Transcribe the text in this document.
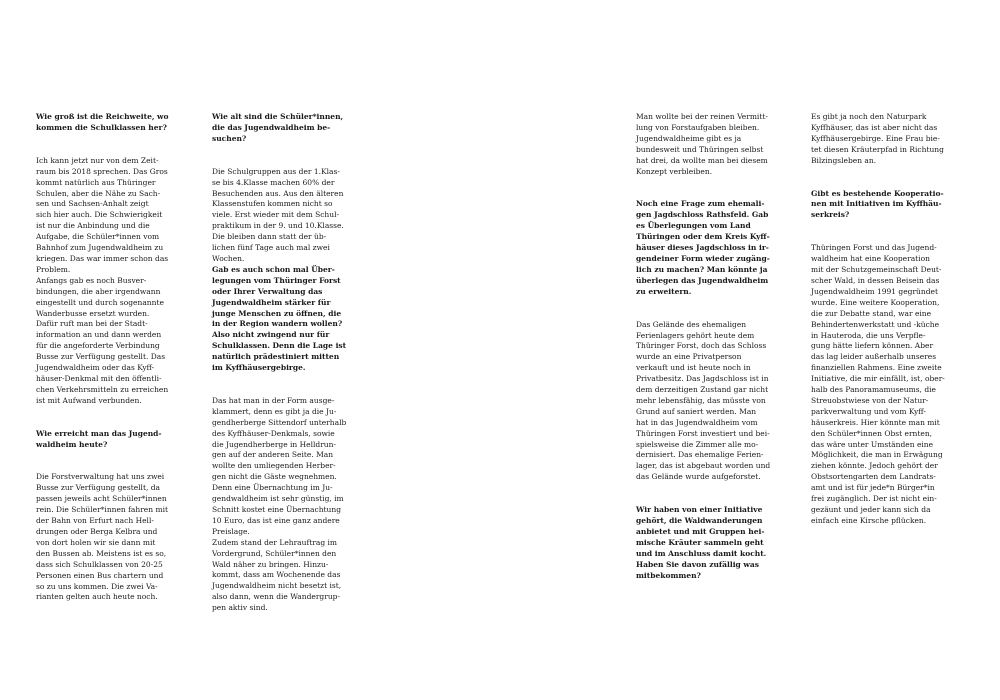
Wie groß ist die Reichweite, wo
kommen die Schulklassen her?

Ich kann jetzt nur von dem Zeit-
raum bis 2018 sprechen. Das Gros
kommt natürlich aus Thüringer
Schulen, aber die Nähe zu Sach-
sen und Sachsen-Anhalt zeigt
sich hier auch. Die Schwierigkeit
ist nur die Anbindung und die
Aufgabe, die Schüler*innen vom
Bahnhof zum Jugendwaldheim zu
kriegen. Das war immer schon das
Problem.
Anfangs gab es noch Busver-
bindungen, die aber irgendwann
eingestellt und durch sogenannte
Wanderbusse ersetzt wurden.
Dafür ruft man bei der Stadt-
information an und dann werden
für die angeforderte Verbindung
Busse zur Verfügung gestellt. Das
Jugendwaldheim oder das Kyff-
häuser-Denkmal mit den öffentli-
chen Verkehrsmitteln zu erreichen
ist mit Aufwand verbunden.

Wie erreicht man das Jugend-
waldheim heute?

Die Forstverwaltung hat uns zwei
Busse zur Verfügung gestellt, da
passen jeweils acht Schüler*innen
rein. Die Schüler*innen fahren mit
der Bahn von Erfurt nach Hell-
drungen oder Berga Kelbra und
von dort holen wir sie dann mit
den Bussen ab. Meistens ist es so,
dass sich Schulklassen von 20-25
Personen einen Bus chartern und
so zu uns kommen. Die zwei Va-
rianten gelten auch heute noch.

Wie alt sind die Schüler*innen,
die das Jugendwaldheim be-
suchen?

Die Schulgruppen aus der 1.Klas-
se bis 4.Klasse machen 60% der
Besuchenden aus. Aus den älteren
Klassenstufen kommen nicht so
viele. Erst wieder mit dem Schul-
praktikum in der 9. und 10.Klasse.
Die bleiben dann statt der üb-
lichen fünf Tage auch mal zwei
Wochen.

Gab es auch schon mal Über-
legungen vom Thüringer Forst
oder Ihrer Verwaltung das
Jugendwaldheim stärker für
junge Menschen zu öffnen, die
in der Region wandern wollen?
Also nicht zwingend nur für
Schulklassen. Denn die Lage ist
natürlich prädestiniert mitten
im Kyffhäusergebirge.

Das hat man in der Form ausge-
klammert, denn es gibt ja die Ju-
gendherberge Sittendorf unterhalb
des Kyffhäuser-Denkmals, sowie
die Jugendherberge in Helldrun-
gen auf der anderen Seite. Man
wollte den umliegenden Herber-
gen nicht die Gäste wegnehmen.
Denn eine Übernachtung im Ju-
gendwaldheim ist sehr günstig, im
Schnitt kostet eine Übernachtung
10 Euro, das ist eine ganz andere
Preislage.
Zudem stand der Lehrauftrag im
Vordergrund, Schüler*innen den
Wald näher zu bringen. Hinzu-
kommt, dass am Wochenende das
Jugendwaldheim nicht besetzt ist,
also dann, wenn die Wandergrup-
pen aktiv sind.

Man wollte bei der reinen Vermitt-
lung von Forstaufgaben bleiben.
Jugendwaldheime gibt es ja
bundesweit und Thüringen selbst
hat drei, da wollte man bei diesem
Konzept verbleiben.

Noch eine Frage zum ehemali-
gen Jagdschloss Rathsfeld. Gab
es Überlegungen vom Land
Thüringen oder dem Kreis Kyff-
häuser dieses Jagdschloss in ir-
gendeiner Form wieder zugäng-
lich zu machen? Man könnte ja
überlegen das Jugendwaldheim
zu erweitern.

Das Gelände des ehemaligen
Ferienlagers gehört heute dem
Thüringer Forst, doch das Schloss
wurde an eine Privatperson
verkauft und ist heute noch in
Privatbesitz. Das Jagdschloss ist in
dem derzeitigen Zustand gar nicht
mehr lebensfähig, das müsste von
Grund auf saniert werden. Man
hat in das Jugendwaldheim vom
Thüringen Forst investiert und bei-
spielsweise die Zimmer alle mo-
dernisiert. Das ehemalige Ferien-
lager, das ist abgebaut worden und
das Gelände wurde aufgeforstet.

Wir haben von einer Initiative
gehört, die Waldwanderungen
anbietet und mit Gruppen hei-
mische Kräuter sammeln geht
und im Anschluss damit kocht.
Haben Sie davon zufällig was
mitbekommen?

Es gibt ja noch den Naturpark
Kyffhäuser, das ist aber nicht das
Kyffhäusergebirge. Eine Frau bie-
tet diesen Kräuterpfad in Richtung
Bilzingsleben an.

Gibt es bestehende Kooperatio-
nen mit Initiativen im Kyffhäu-
serkreis?

Thüringen Forst und das Jugend-
waldheim hat eine Kooperation
mit der Schutzgemeinschaft Deut-
scher Wald, in dessen Beisein das
Jugendwaldheim 1991 gegründet
wurde. Eine weitere Kooperation,
die zur Debatte stand, war eine
Behindertenwerkstatt und -küche
in Hauteroda, die uns Verpfle-
gung hätte liefern können. Aber
das lag leider außerhalb unseres
finanziellen Rahmens. Eine zweite
Initiative, die mir einfällt, ist, ober-
halb des Panoramamuseums, die
Streuobstwiese von der Natur-
parkverwaltung und vom Kyff-
häuserkreis. Hier könnte man mit
den Schüler*innen Obst ernten,
das wäre unter Umständen eine
Möglichkeit, die man in Erwägung
ziehen könnte. Jedoch gehört der
Obstsortengarten dem Landrats-
amt und ist für jede*n Bürger*in
frei zugänglich. Der ist nicht ein-
gezäunt und jeder kann sich da
einfach eine Kirsche pflücken.
